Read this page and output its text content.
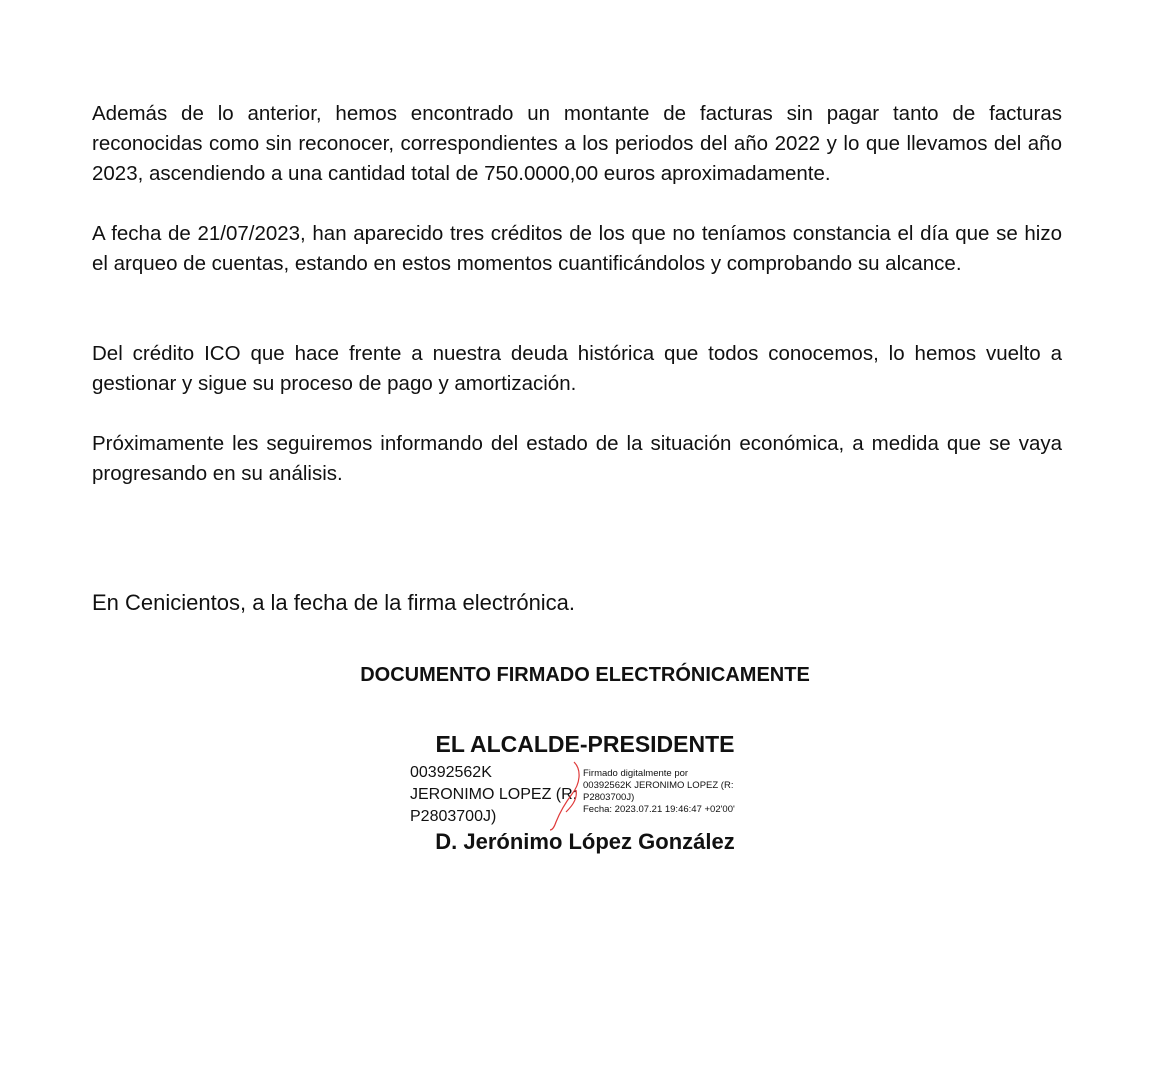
Además de lo anterior, hemos encontrado un montante de facturas sin pagar tanto de facturas reconocidas como sin reconocer, correspondientes a los periodos del año 2022 y lo que llevamos del año 2023, ascendiendo a una cantidad total de 750.0000,00 euros aproximadamente.

A fecha de 21/07/2023, han aparecido tres créditos de los que no teníamos constancia el día que se hizo el arqueo de cuentas, estando en estos momentos cuantificándolos y comprobando su alcance.

Del crédito ICO que hace frente a nuestra deuda histórica que todos conocemos, lo hemos vuelto a gestionar y sigue su proceso de pago y amortización.

Próximamente les seguiremos informando del estado de la situación económica, a medida que se vaya progresando en su análisis.

En Cenicientos, a la fecha de la firma electrónica.

DOCUMENTO FIRMADO ELECTRÓNICAMENTE

EL ALCALDE-PRESIDENTE

00392562K
JERONIMO LOPEZ (R:
P2803700J)
Firmado digitalmente por
00392562K JERONIMO LOPEZ (R:
P2803700J)
Fecha: 2023.07.21 19:46:47 +02'00'

D. Jerónimo López González
